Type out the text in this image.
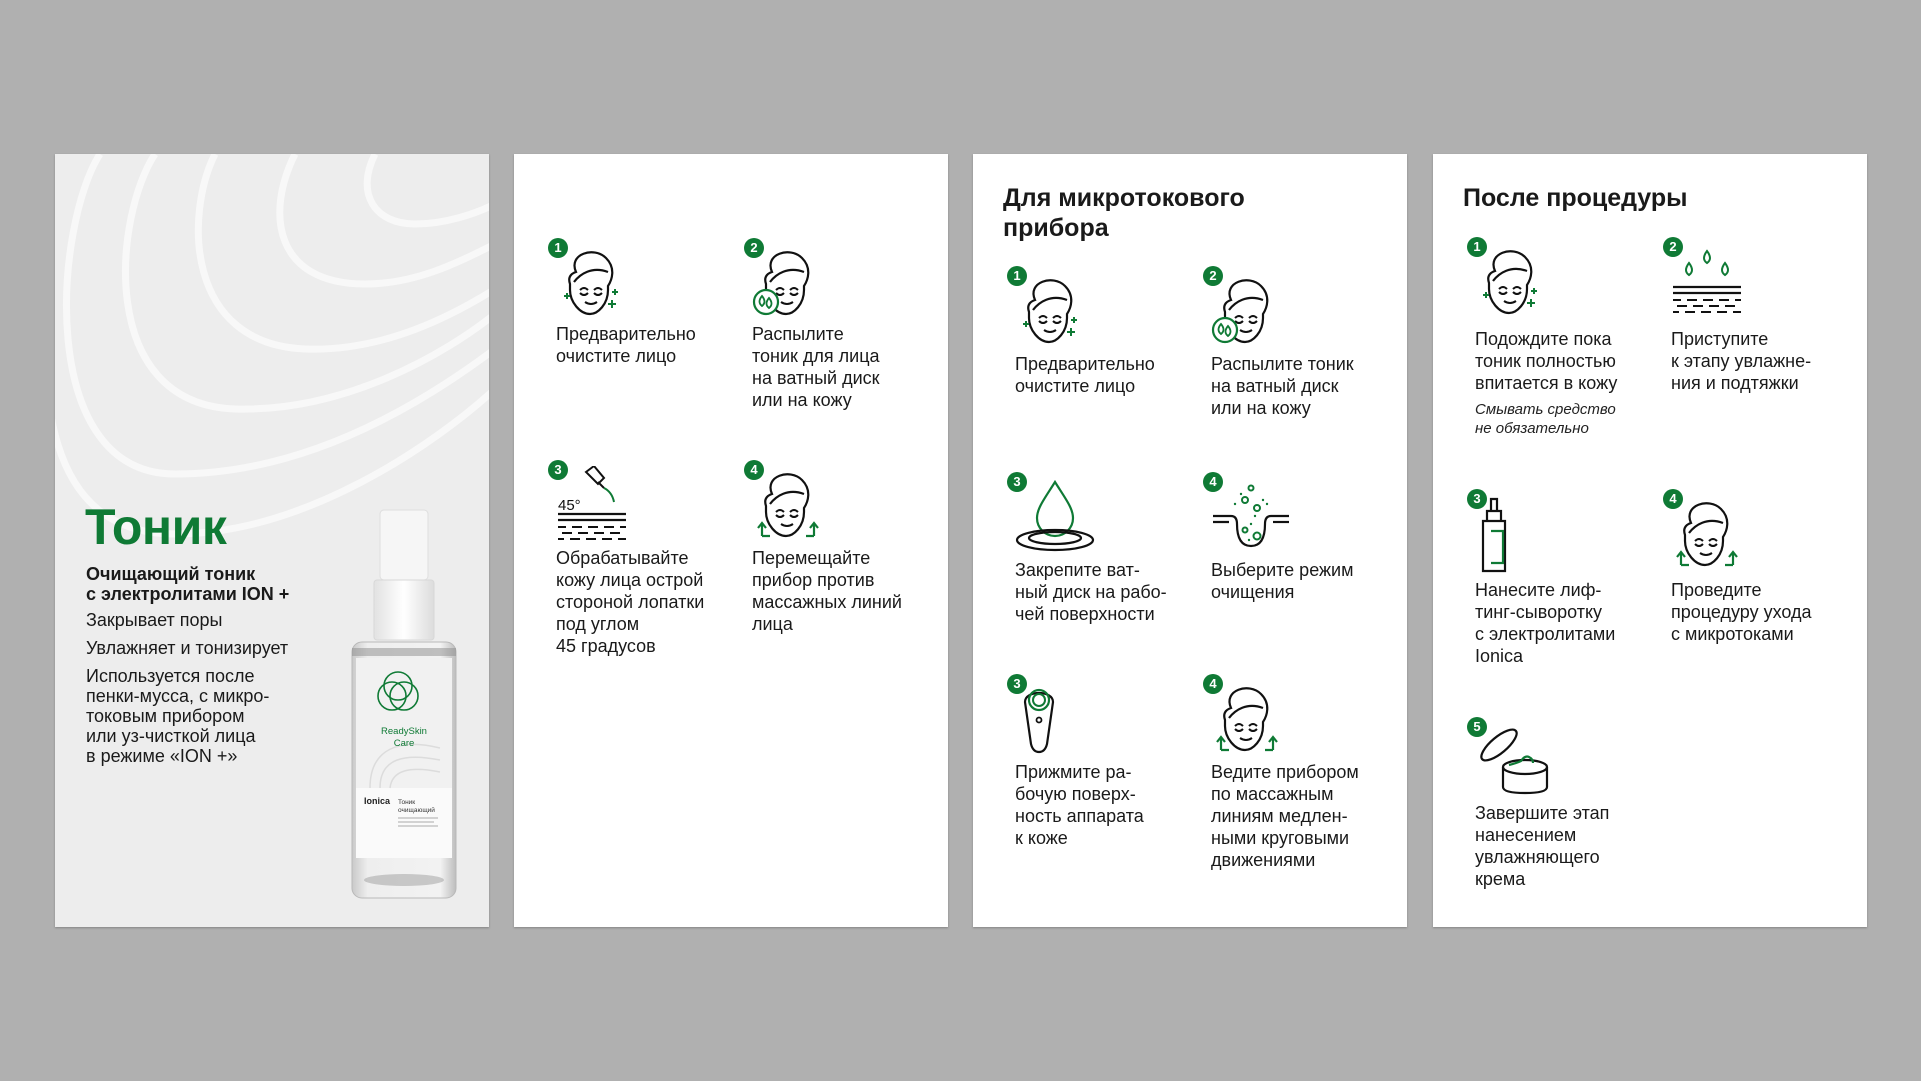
Тоник
Очищающий тоник
с электролитами ION +
Закрывает поры
Увлажняет и тонизирует
Используется после
пенки-мусса, с микро-
токовым прибором
или уз-чисткой лица
в режиме «ION +»
ReadySkin
Care
Ionica Тоник
очищающий
1
Предварительно
очистите лицо
2
Распылите
тоник для лица
на ватный диск
или на кожу
3
45°
Обрабатывайте
кожу лица острой
стороной лопатки
под углом
45 градусов
4
Перемещайте
прибор против
массажных линий
лица
Для микротокового
прибора
1
Предварительно
очистите лицо
2
Распылите тоник
на ватный диск
или на кожу
3
Закрепите ват-
ный диск на рабо-
чей поверхности
4
Выберите режим
очищения
3
Прижмите ра-
бочую поверх-
ность аппарата
к коже
4
Ведите прибором
по массажным
линиям медлен-
ными круговыми
движениями
После процедуры
1
Подождите пока
тоник полностью
впитается в кожу
Смывать средство
не обязательно
2
Приступите
к этапу увлажне-
ния и подтяжки
3
Нанесите лиф-
тинг-сыворотку
с электролитами
Ionica
4
Проведите
процедуру ухода
с микротоками
5
Завершите этап
нанесением
увлажняющего
крема
